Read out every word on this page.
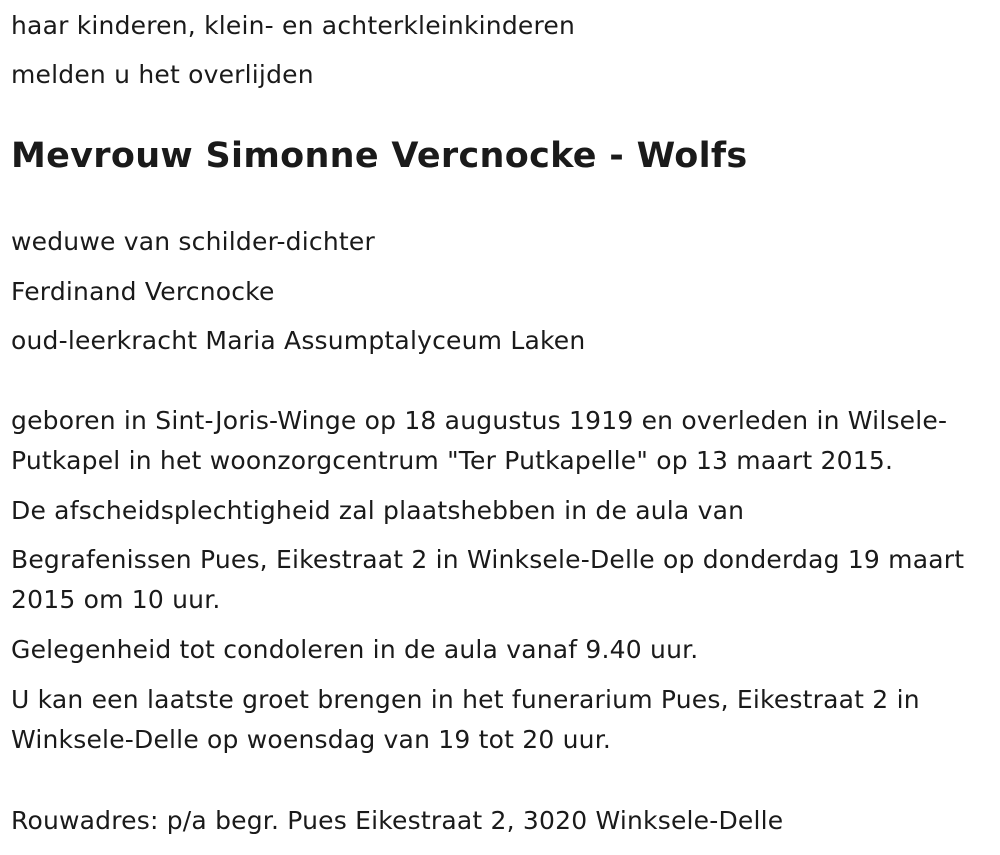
haar kinderen, klein- en achterkleinkinderen

melden u het overlijden

Mevrouw Simonne Vercnocke - Wolfs

weduwe van schilder-dichter

Ferdinand Vercnocke

oud-leerkracht Maria Assumptalyceum Laken

geboren in Sint-Joris-Winge op 18 augustus 1919 en overleden in Wilsele-Putkapel in het woonzorgcentrum "Ter Putkapelle" op 13 maart 2015.

De afscheidsplechtigheid zal plaatshebben in de aula van

Begrafenissen Pues, Eikestraat 2 in Winksele-Delle op donderdag 19 maart 2015 om 10 uur.

Gelegenheid tot condoleren in de aula vanaf 9.40 uur.

U kan een laatste groet brengen in het funerarium Pues, Eikestraat 2 in Winksele-Delle op woensdag van 19 tot 20 uur.

Rouwadres: p/a begr. Pues Eikestraat 2, 3020 Winksele-Delle
